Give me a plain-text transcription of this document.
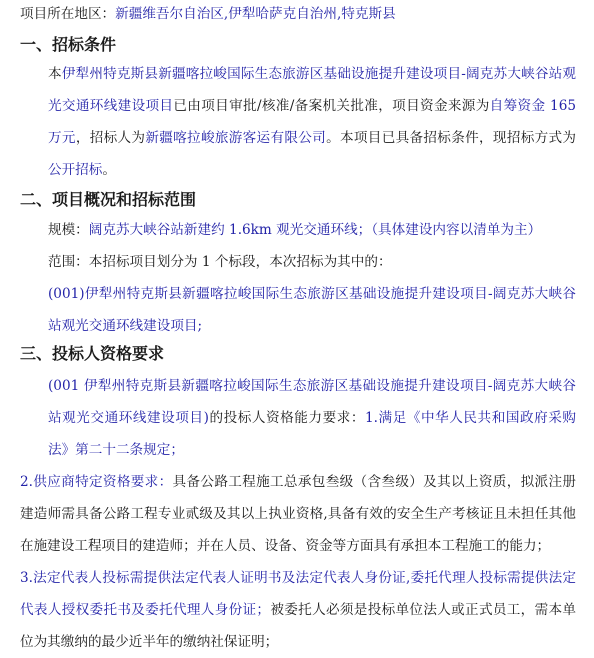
项目所在地区：新疆维吾尔自治区,伊犁哈萨克自治州,特克斯县
一、招标条件

本伊犁州特克斯县新疆喀拉峻国际生态旅游区基础设施提升建设项目-阔克苏大峡谷站观光交通环线建设项目已由项目审批/核准/备案机关批准，项目资金来源为自筹资金 165 万元，招标人为新疆喀拉峻旅游客运有限公司。本项目已具备招标条件，现招标方式为公开招标。

二、项目概况和招标范围

规模：阔克苏大峡谷站新建约 1.6km 观光交通环线；（具体建设内容以清单为主）

范围：本招标项目划分为 1 个标段，本次招标为其中的：

(001)伊犁州特克斯县新疆喀拉峻国际生态旅游区基础设施提升建设项目-阔克苏大峡谷站观光交通环线建设项目;

三、投标人资格要求

(001 伊犁州特克斯县新疆喀拉峻国际生态旅游区基础设施提升建设项目-阔克苏大峡谷站观光交通环线建设项目)的投标人资格能力要求：1.满足《中华人民共和国政府采购法》第二十二条规定；

2.供应商特定资格要求：具备公路工程施工总承包叁级（含叁级）及其以上资质，拟派注册建造师需具备公路工程专业贰级及其以上执业资格,具备有效的安全生产考核证且未担任其他在施建设工程项目的建造师；并在人员、设备、资金等方面具有承担本工程施工的能力；

3.法定代表人投标需提供法定代表人证明书及法定代表人身份证,委托代理人投标需提供法定代表人授权委托书及委托代理人身份证；被委托人必须是投标单位法人或正式员工，需本单位为其缴纳的最少近半年的缴纳社保证明；
